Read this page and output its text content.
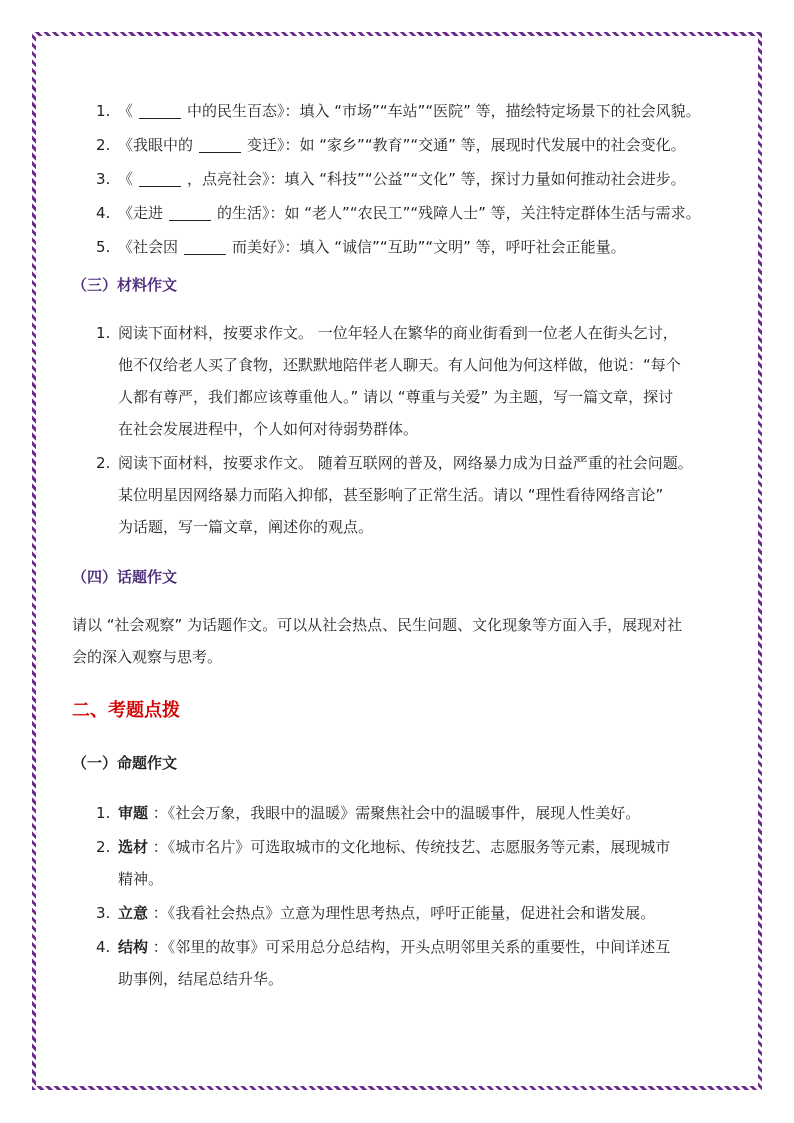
1. 《	中的民生百态》：填入 “市场”“车站”“医院” 等，描绘特定场景下的社会风貌。
2. 《我眼中的	变迁》：如 “家乡”“教育”“交通” 等，展现时代发展中的社会变化。
3. 《	，点亮社会》：填入 “科技”“公益”“文化” 等，探讨力量如何推动社会进步。
4. 《走进	的生活》：如 “老人”“农民工”“残障人士” 等，关注特定群体生活与需求。
5. 《社会因	而美好》：填入 “诚信”“互助”“文明” 等，呼吁社会正能量。
（三）材料作文
1. 阅读下面材料，按要求作文。 一位年轻人在繁华的商业街看到一位老人在街头乞讨，
他不仅给老人买了食物，还默默地陪伴老人聊天。有人问他为何这样做，他说：“每个
人都有尊严，我们都应该尊重他人。” 请以 “尊重与关爱” 为主题，写一篇文章，探讨
在社会发展进程中，个人如何对待弱势群体。
2. 阅读下面材料，按要求作文。 随着互联网的普及，网络暴力成为日益严重的社会问题。
某位明星因网络暴力而陷入抑郁，甚至影响了正常生活。请以 “理性看待网络言论”
为话题，写一篇文章，阐述你的观点。
（四）话题作文

请以 “社会观察” 为话题作文。可以从社会热点、民生问题、文化现象等方面入手，展现对社

会的深入观察与思考。

二、考题点拨
（一）命题作文
1. 审题 ：《社会万象，我眼中的温暖》需聚焦社会中的温暖事件，展现人性美好。
2. 选材 ：《城市名片》可选取城市的文化地标、传统技艺、志愿服务等元素，展现城市
精神。
3. 立意 ：《我看社会热点》立意为理性思考热点，呼吁正能量，促进社会和谐发展。
4. 结构 ：《邻里的故事》可采用总分总结构，开头点明邻里关系的重要性，中间详述互
助事例，结尾总结升华。
